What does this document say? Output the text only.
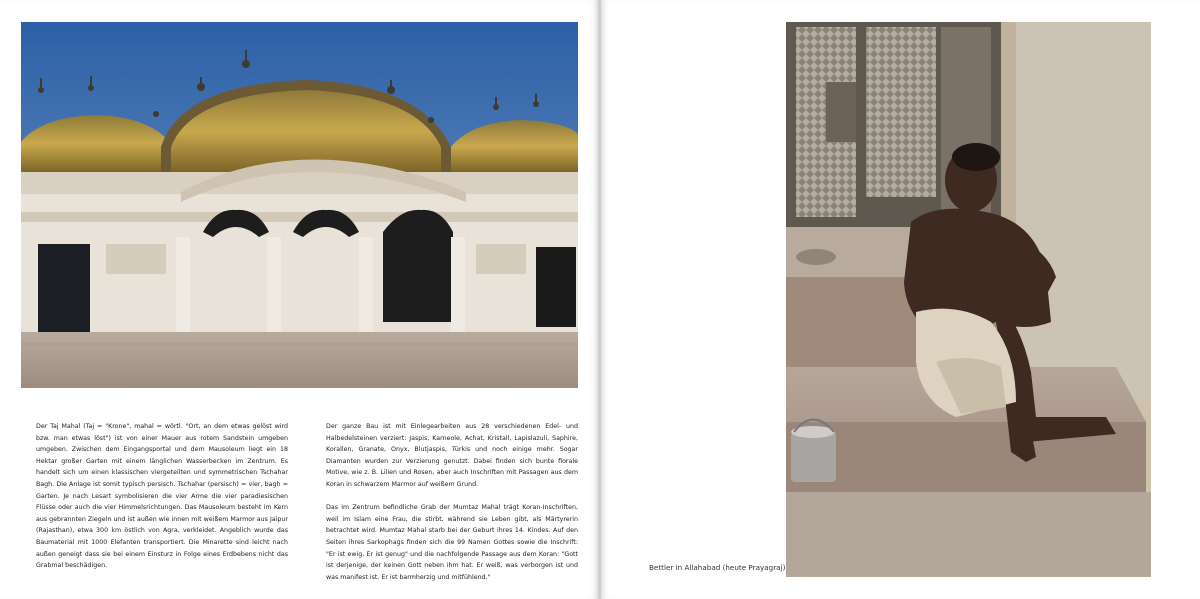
Der Taj Mahal (Taj = "Krone", mahal = wörtl. "Ort, an dem etwas gelöst wird bzw. man etwas löst") ist von einer Mauer aus rotem Sandstein umgeben umgeben. Zwischen dem Eingangsportal und dem Mausoleum liegt ein 18 Hektar großer Garten mit einem länglichen Wasserbecken im Zentrum. Es handelt sich um einen klassischen viergeteilten und symmetrischen Tschahar Bagh. Die Anlage ist somit typisch persisch. Tschahar (persisch) = vier, bagh = Garten. Je nach Lesart symbolisieren die vier Arme die vier paradiesischen Flüsse oder auch die vier Himmelsrichtungen. Das Mausoleum besteht im Kern aus gebrannten Ziegeln und ist außen wie innen mit weißem Marmor aus Jaipur (Rajasthan), etwa 300 km östlich von Agra, verkleidet. Angeblich wurde das Baumaterial mit 1000 Elefanten transportiert. Die Minarette sind leicht nach außen geneigt dass sie bei einem Einsturz in Folge eines Erdbebens nicht das Grabmal beschädigen.

Der ganze Bau ist mit Einlegearbeiten aus 28 verschiedenen Edel- und Halbedelsteinen verziert: Jaspis, Karneole, Achat, Kristall, Lapislazuli, Saphire, Korallen, Granate, Onyx, Blutjaspis, Türkis und noch einige mehr. Sogar Diamanten wurden zur Verzierung genutzt. Dabei finden sich bunte florale Motive, wie z. B. Lilien und Rosen, aber auch Inschriften mit Passagen aus dem Koran in schwarzem Marmor auf weißem Grund.

Das im Zentrum befindliche Grab der Mumtaz Mahal trägt Koran-Inschriften, weil im Islam eine Frau, die stirbt, während sie Leben gibt, als Märtyrerin betrachtet wird. Mumtaz Mahal starb bei der Geburt ihres 14. Kindes. Auf den Seiten ihres Sarkophags finden sich die 99 Namen Gottes sowie die Inschrift: "Er ist ewig. Er ist genug" und die nachfolgende Passage aus dem Koran: "Gott ist derjenige, der keinen Gott neben ihm hat. Er weiß, was verborgen ist und was manifest ist. Er ist barmherzig und mitfühlend."

Bettler in Allahabad (heute Prayagraj)
